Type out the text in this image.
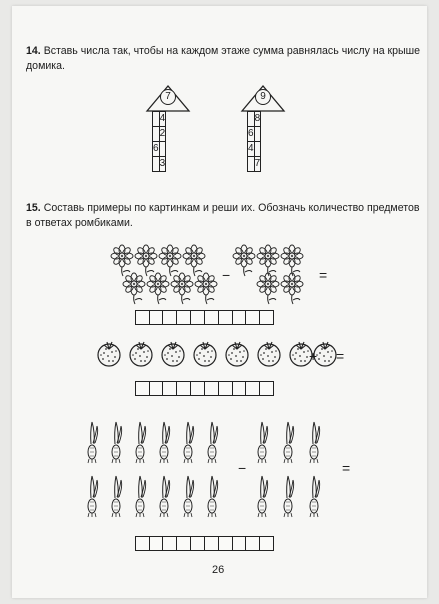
14. Вставь числа так, чтобы на каждом этаже сумма равнялась числу на крыше домика.
7
	4
	2
6	
	3
9
	8
6	
4	
	7
15. Составь примеры по картинкам и реши их. Обозначь количество предметов в ответах ромбиками.
−	=
+ =
−	=
26
